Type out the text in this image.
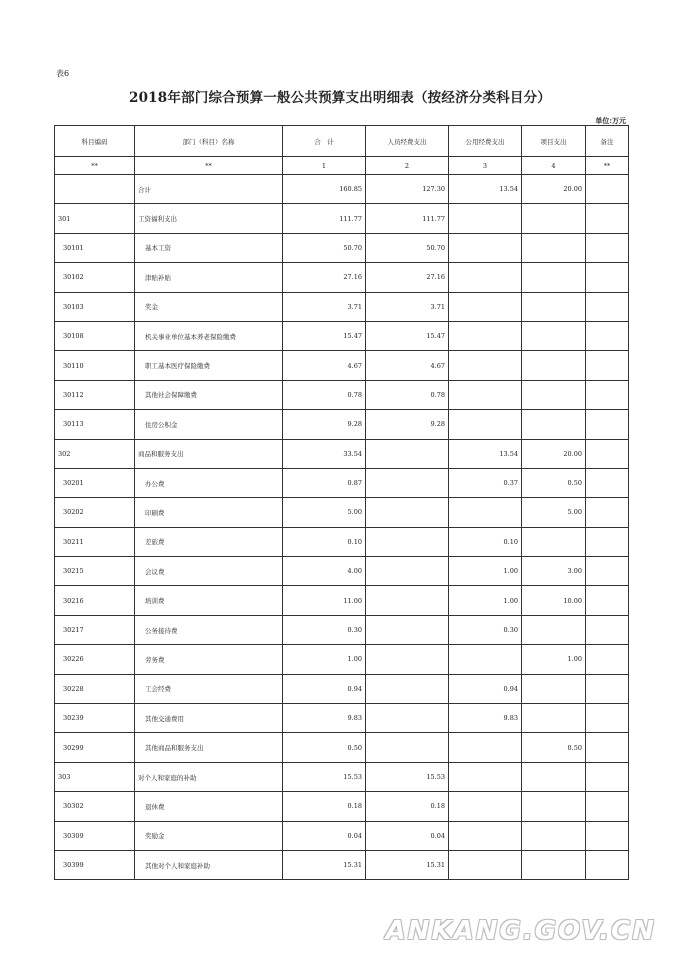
表6
2018年部门综合预算一般公共预算支出明细表（按经济分类科目分）
单位:万元
科目编码	部门（科目）名称	合　计	人员经费支出	公用经费支出	项目支出	备注
**	**	1	2	3	4	**
	合计	160.85	127.30	13.54	20.00	
301	工资福利支出	111.77	111.77			
30101	基本工资	50.70	50.70			
30102	津贴补贴	27.16	27.16			
30103	奖金	3.71	3.71			
30108	机关事业单位基本养老保险缴费	15.47	15.47			
30110	职工基本医疗保险缴费	4.67	4.67			
30112	其他社会保障缴费	0.78	0.78			
30113	住房公积金	9.28	9.28			
302	商品和服务支出	33.54		13.54	20.00	
30201	办公费	0.87		0.37	0.50	
30202	印刷费	5.00			5.00	
30211	差旅费	0.10		0.10		
30215	会议费	4.00		1.00	3.00	
30216	培训费	11.00		1.00	10.00	
30217	公务接待费	0.30		0.30		
30226	劳务费	1.00			1.00	
30228	工会经费	0.94		0.94		
30239	其他交通费用	9.83		9.83		
30299	其他商品和服务支出	0.50			0.50	
303	对个人和家庭的补助	15.53	15.53			
30302	退休费	0.18	0.18			
30309	奖励金	0.04	0.04			
30399	其他对个人和家庭补助	15.31	15.31			
ANKANG.GOV.CN
